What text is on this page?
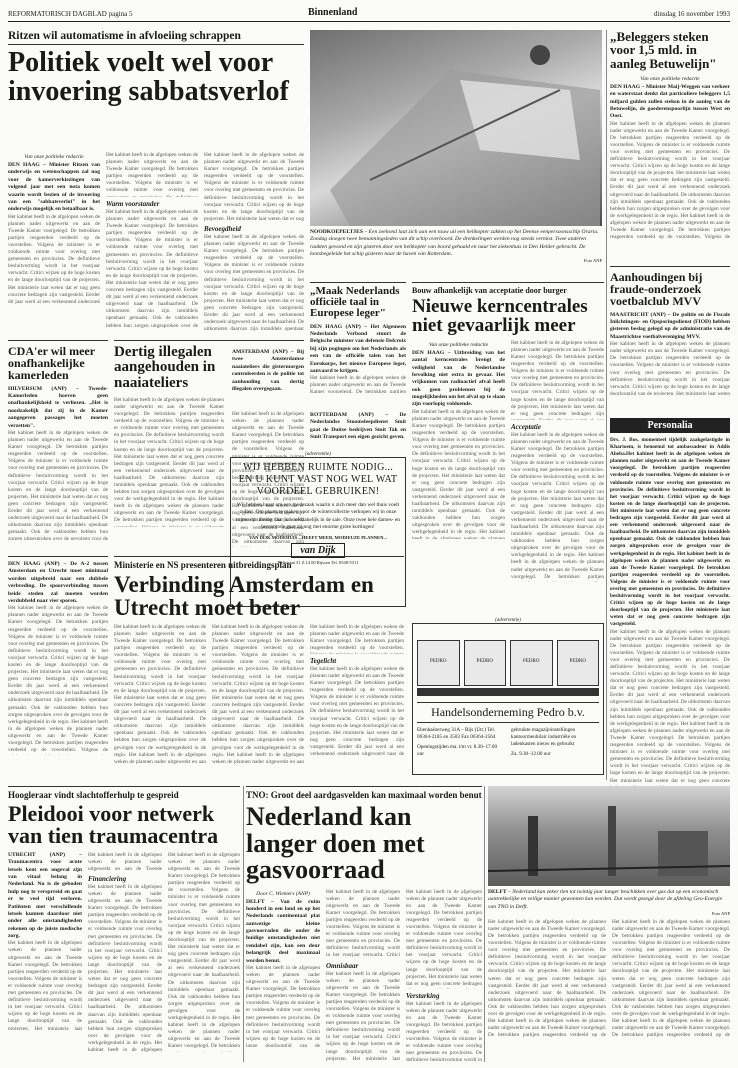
REFORMATORISCH DAGBLAD pagina 5	Binnenland	dinsdag 16 november 1993
Ritzen wil automatisme in afvloeiing schrappen
Politiek voelt wel voor invoering sabbatsverlof
Van onze politieke redactie
DEN HAAG – Minister Ritzen van onderwijs en wetenschappen zal nog voor de kamerverkiezingen van volgend jaar met een nota komen waarin wordt bezien of de invoering van een "sabbatsverlof" in het onderwijs mogelijk en betaalbaar is.
Het kabinet heeft in de afgelopen weken de plannen nader uitgewerkt en aan de Tweede Kamer voorgelegd. De betrokken partijen reageerden verdeeld op de voorstellen. Volgens de minister is er voldoende ruimte voor overleg met gemeenten en provincies. De definitieve besluitvorming wordt in het voorjaar verwacht. Critici wijzen op de hoge kosten en de lange doorlooptijd van de projecten. Het ministerie laat weten dat er nog geen concrete bedragen zijn vastgesteld. Eerder dit jaar werd al een verkennend onderzoek uitgevoerd naar de haalbaarheid. De uitkomsten daarvan zijn inmiddels openbaar gemaakt. Ook de vakbonden hebben hun zorgen uitgesproken over de gevolgen voor de werkgelegenheid in de regio. Het kabinet heeft in de afgelopen weken de plannen nader uitgewerkt en aan de Tweede Kamer voorgelegd. De betrokken partijen reageerden verdeeld op de voorstellen. Volgens de minister is er voldoende ruimte voor overleg met gemeenten en provincies. De definitieve besluitvorming wordt in het voorjaar verwacht. Critici wijzen op de hoge kosten en de lange doorlooptijd van de projecten. Het ministerie laat weten dat er nog geen concrete bedragen zijn vastgesteld.
Het kabinet heeft in de afgelopen weken de plannen nader uitgewerkt en aan de Tweede Kamer voorgelegd. De betrokken partijen reageerden verdeeld op de voorstellen. Volgens de minister is er voldoende ruimte voor overleg met gemeenten en provincies. De definitieve besluitvorming wordt in het voorjaar verwacht. Critici wijzen op de hoge kosten en de lange doorlooptijd van de projecten. Het ministerie laat weten dat er nog geen concrete bedragen zijn vastgesteld. Eerder dit jaar werd al een verkennend onderzoek uitgevoerd naar de haalbaarheid. De uitkomsten daarvan zijn inmiddels openbaar gemaakt. Ook de vakbonden hebben hun zorgen uitgesproken over de gevolgen voor de werkgelegenheid in de regio. Het kabinet heeft in de afgelopen weken de plannen nader uitgewerkt en aan de Tweede Kamer voorgelegd. De betrokken partijen reageerden verdeeld op de voorstellen. Volgens de minister is er voldoende ruimte voor overleg met gemeenten en provincies. De definitieve besluitvorming wordt in het voorjaar verwacht. Critici wijzen op de hoge kosten en de lange doorlooptijd van de projecten. Het ministerie laat weten dat er nog geen concrete bedragen zijn vastgesteld.
Warm voorstander
Het kabinet heeft in de afgelopen weken de plannen nader uitgewerkt en aan de Tweede Kamer voorgelegd. De betrokken partijen reageerden verdeeld op de voorstellen. Volgens de minister is er voldoende ruimte voor overleg met gemeenten en provincies. De definitieve besluitvorming wordt in het voorjaar verwacht. Critici wijzen op de hoge kosten en de lange doorlooptijd van de projecten. Het ministerie laat weten dat er nog geen concrete bedragen zijn vastgesteld. Eerder dit jaar werd al een verkennend onderzoek uitgevoerd naar de haalbaarheid. De uitkomsten daarvan zijn inmiddels openbaar gemaakt. Ook de vakbonden hebben hun zorgen uitgesproken over de gevolgen voor de werkgelegenheid in de regio. Het kabinet heeft in de afgelopen weken de plannen nader uitgewerkt en aan de Tweede Kamer voorgelegd. De betrokken partijen reageerden verdeeld op de voorstellen. Volgens de minister is er voldoende ruimte voor overleg met gemeenten en provincies. De definitieve besluitvorming wordt in het voorjaar verwacht. Critici wijzen op de hoge kosten en de lange doorlooptijd van de projecten. Het ministerie laat weten dat er nog geen concrete bedragen zijn vastgesteld.
Het kabinet heeft in de afgelopen weken de plannen nader uitgewerkt en aan de Tweede Kamer voorgelegd. De betrokken partijen reageerden verdeeld op de voorstellen. Volgens de minister is er voldoende ruimte voor overleg met gemeenten en provincies. De definitieve besluitvorming wordt in het voorjaar verwacht. Critici wijzen op de hoge kosten en de lange doorlooptijd van de projecten. Het ministerie laat weten dat er nog geen concrete bedragen zijn vastgesteld. Eerder dit jaar werd al een verkennend onderzoek uitgevoerd naar de haalbaarheid. De uitkomsten daarvan zijn inmiddels openbaar gemaakt. Ook de vakbonden hebben hun zorgen uitgesproken over de gevolgen voor de werkgelegenheid in de regio. Het kabinet heeft in de afgelopen weken de plannen nader uitgewerkt en aan de Tweede Kamer voorgelegd. De betrokken partijen reageerden verdeeld op de voorstellen. Volgens de minister is er voldoende ruimte voor overleg met gemeenten en provincies. De definitieve besluitvorming wordt in het voorjaar verwacht. Critici wijzen op de hoge kosten en de lange doorlooptijd van de projecten. Het ministerie laat weten dat er nog geen concrete bedragen zijn vastgesteld.
Bevoegdheid
Het kabinet heeft in de afgelopen weken de plannen nader uitgewerkt en aan de Tweede Kamer voorgelegd. De betrokken partijen reageerden verdeeld op de voorstellen. Volgens de minister is er voldoende ruimte voor overleg met gemeenten en provincies. De definitieve besluitvorming wordt in het voorjaar verwacht. Critici wijzen op de hoge kosten en de lange doorlooptijd van de projecten. Het ministerie laat weten dat er nog geen concrete bedragen zijn vastgesteld. Eerder dit jaar werd al een verkennend onderzoek uitgevoerd naar de haalbaarheid. De uitkomsten daarvan zijn inmiddels openbaar gemaakt. Ook de vakbonden hebben hun zorgen uitgesproken over de gevolgen voor de werkgelegenheid in de regio. Het kabinet heeft in de afgelopen weken de plannen nader uitgewerkt en aan de Tweede Kamer voorgelegd. De betrokken partijen reageerden verdeeld op de voorstellen. Volgens de minister is er voldoende ruimte voor overleg met gemeenten en provincies. De definitieve besluitvorming wordt in het voorjaar verwacht. Critici wijzen op de hoge kosten en de lange doorlooptijd van de projecten. Het ministerie laat weten dat er nog geen concrete bedragen zijn vastgesteld.	NOODKOEPELTJES – Een zeehond laat zich aan een touw uit een helikopter zakken op het Deense eenpersoonsschip Oraria. Zondag sloegen twee bemanningsleden van dit schip overboord. De drenkelingen werden nog steeds vermist. Twee anderen raakten gewond en zijn gisteren door een helikopter van boord gehaald en naar het ziekenhuis in Den Helder gebracht. De lootsbegeleide het schip gisteren naar de haven van Rotterdam.
Foto ANP
„Beleggers steken voor 1,5 mld. in aanleg Betuwelijn"
Van onze politieke redactie
DEN HAAG – Minister Maij-Weggen van verkeer en waterstaat denkt dat particuliere beleggers 1,5 miljard gulden zullen steken in de aanleg van de Betuwelijn, de goederenspoorlijn tussen West en Oost.
Het kabinet heeft in de afgelopen weken de plannen nader uitgewerkt en aan de Tweede Kamer voorgelegd. De betrokken partijen reageerden verdeeld op de voorstellen. Volgens de minister is er voldoende ruimte voor overleg met gemeenten en provincies. De definitieve besluitvorming wordt in het voorjaar verwacht. Critici wijzen op de hoge kosten en de lange doorlooptijd van de projecten. Het ministerie laat weten dat er nog geen concrete bedragen zijn vastgesteld. Eerder dit jaar werd al een verkennend onderzoek uitgevoerd naar de haalbaarheid. De uitkomsten daarvan zijn inmiddels openbaar gemaakt. Ook de vakbonden hebben hun zorgen uitgesproken over de gevolgen voor de werkgelegenheid in de regio. Het kabinet heeft in de afgelopen weken de plannen nader uitgewerkt en aan de Tweede Kamer voorgelegd. De betrokken partijen reageerden verdeeld op de voorstellen. Volgens de minister is er voldoende ruimte voor overleg met gemeenten en provincies. De definitieve besluitvorming wordt in het voorjaar verwacht. Critici wijzen op de hoge kosten en de lange doorlooptijd van de projecten. Het ministerie laat weten dat er nog geen concrete bedragen zijn vastgesteld.
Aanhoudingen bij fraude-onderzoek voetbalclub MVV
MAASTRICHT (ANP) – De politie en de Fiscale Inlichtingen- en Opsporingsdienst (FIOD) hebben gisteren beslag gelegd op de administratie van de Maastrichtse voetbalvereniging MVV.
Het kabinet heeft in de afgelopen weken de plannen nader uitgewerkt en aan de Tweede Kamer voorgelegd. De betrokken partijen reageerden verdeeld op de voorstellen. Volgens de minister is er voldoende ruimte voor overleg met gemeenten en provincies. De definitieve besluitvorming wordt in het voorjaar verwacht. Critici wijzen op de hoge kosten en de lange doorlooptijd van de projecten. Het ministerie laat weten dat er nog geen concrete bedragen zijn vastgesteld. Eerder dit jaar werd al een verkennend onderzoek uitgevoerd naar de haalbaarheid. De uitkomsten daarvan zijn inmiddels openbaar gemaakt. Ook de vakbonden hebben hun zorgen uitgesproken over de gevolgen voor de werkgelegenheid in de regio. Het kabinet heeft in de afgelopen weken de plannen nader uitgewerkt en aan de Tweede Kamer voorgelegd. De betrokken partijen reageerden verdeeld op de voorstellen. Volgens de minister is er voldoende ruimte voor overleg met gemeenten en provincies. De definitieve besluitvorming wordt in het voorjaar verwacht. Critici wijzen op de hoge kosten en de lange doorlooptijd van de projecten. Het ministerie laat weten dat er nog geen concrete bedragen zijn vastgesteld.
Personalia
Drs. J. Bos, momenteel tijdelijk zaakgelastigde in Khartoem, is benoemd tot ambassadeur in Addis Abeba. Het kabinet heeft in de afgelopen weken de plannen nader uitgewerkt en aan de Tweede Kamer voorgelegd. De betrokken partijen reageerden verdeeld op de voorstellen. Volgens de minister is er voldoende ruimte voor overleg met gemeenten en provincies. De definitieve besluitvorming wordt in het voorjaar verwacht. Critici wijzen op de hoge kosten en de lange doorlooptijd van de projecten. Het ministerie laat weten dat er nog geen concrete bedragen zijn vastgesteld. Eerder dit jaar werd al een verkennend onderzoek uitgevoerd naar de haalbaarheid. De uitkomsten daarvan zijn inmiddels openbaar gemaakt. Ook de vakbonden hebben hun zorgen uitgesproken over de gevolgen voor de werkgelegenheid in de regio. Het kabinet heeft in de afgelopen weken de plannen nader uitgewerkt en aan de Tweede Kamer voorgelegd. De betrokken partijen reageerden verdeeld op de voorstellen. Volgens de minister is er voldoende ruimte voor overleg met gemeenten en provincies. De definitieve besluitvorming wordt in het voorjaar verwacht. Critici wijzen op de hoge kosten en de lange doorlooptijd van de projecten. Het ministerie laat weten dat er nog geen concrete bedragen zijn vastgesteld.
Het kabinet heeft in de afgelopen weken de plannen nader uitgewerkt en aan de Tweede Kamer voorgelegd. De betrokken partijen reageerden verdeeld op de voorstellen. Volgens de minister is er voldoende ruimte voor overleg met gemeenten en provincies. De definitieve besluitvorming wordt in het voorjaar verwacht. Critici wijzen op de hoge kosten en de lange doorlooptijd van de projecten. Het ministerie laat weten dat er nog geen concrete bedragen zijn vastgesteld. Eerder dit jaar werd al een verkennend onderzoek uitgevoerd naar de haalbaarheid. De uitkomsten daarvan zijn inmiddels openbaar gemaakt. Ook de vakbonden hebben hun zorgen uitgesproken over de gevolgen voor de werkgelegenheid in de regio. Het kabinet heeft in de afgelopen weken de plannen nader uitgewerkt en aan de Tweede Kamer voorgelegd. De betrokken partijen reageerden verdeeld op de voorstellen. Volgens de minister is er voldoende ruimte voor overleg met gemeenten en provincies. De definitieve besluitvorming wordt in het voorjaar verwacht. Critici wijzen op de hoge kosten en de lange doorlooptijd van de projecten. Het ministerie laat weten dat er nog geen concrete bedragen zijn vastgesteld.
CDA'er wil meer onafhankelijke kamerleden
HILVERSUM (ANP) – Tweede-Kamerleden hoeven geen onafhankelijkheid te verliezen. „Het is noodzakelijk dat zij in de Kamer aangegeven passages het moeten verzetten".
Het kabinet heeft in de afgelopen weken de plannen nader uitgewerkt en aan de Tweede Kamer voorgelegd. De betrokken partijen reageerden verdeeld op de voorstellen. Volgens de minister is er voldoende ruimte voor overleg met gemeenten en provincies. De definitieve besluitvorming wordt in het voorjaar verwacht. Critici wijzen op de hoge kosten en de lange doorlooptijd van de projecten. Het ministerie laat weten dat er nog geen concrete bedragen zijn vastgesteld. Eerder dit jaar werd al een verkennend onderzoek uitgevoerd naar de haalbaarheid. De uitkomsten daarvan zijn inmiddels openbaar gemaakt. Ook de vakbonden hebben hun zorgen uitgesproken over de gevolgen voor de werkgelegenheid in de regio. Het kabinet heeft in de afgelopen weken de plannen nader uitgewerkt en aan de Tweede Kamer voorgelegd. De betrokken partijen reageerden verdeeld op de voorstellen. Volgens de minister is er voldoende ruimte voor overleg met gemeenten en provincies. De definitieve besluitvorming wordt in het voorjaar verwacht. Critici wijzen op de hoge kosten en de lange doorlooptijd van de projecten. Het ministerie laat weten dat er nog geen concrete bedragen zijn vastgesteld.
Dertig illegalen aangehouden in naaiateliers
AMSTERDAM (ANP) – Bij twee Amsterdamse naaiateliers die gistermorgen controleerden is de politie tot aanhouding van dertig illegalen overgegaan.
Het kabinet heeft in de afgelopen weken de plannen nader uitgewerkt en aan de Tweede Kamer voorgelegd. De betrokken partijen reageerden verdeeld op de voorstellen. Volgens de minister is er voldoende ruimte voor overleg met gemeenten en provincies. De definitieve besluitvorming wordt in het voorjaar verwacht. Critici wijzen op de hoge kosten en de lange doorlooptijd van de projecten. Het ministerie laat weten dat er nog geen concrete bedragen zijn vastgesteld. Eerder dit jaar werd al een verkennend onderzoek uitgevoerd naar de haalbaarheid. De uitkomsten daarvan zijn inmiddels openbaar gemaakt. Ook de vakbonden hebben hun zorgen uitgesproken over de gevolgen voor de werkgelegenheid in de regio. Het kabinet heeft in de afgelopen weken de plannen nader uitgewerkt en aan de Tweede Kamer voorgelegd. De betrokken partijen reageerden verdeeld op de voorstellen. Volgens de minister is er voldoende ruimte voor overleg met gemeenten en provincies. De definitieve besluitvorming wordt in het voorjaar verwacht. Critici wijzen op de hoge kosten en de lange doorlooptijd van de projecten. Het ministerie laat weten dat er nog geen concrete bedragen zijn vastgesteld.
Het kabinet heeft in de afgelopen weken de plannen nader uitgewerkt en aan de Tweede Kamer voorgelegd. De betrokken partijen reageerden verdeeld op de voorstellen. Volgens de minister is er voldoende ruimte voor overleg met gemeenten en provincies. De definitieve besluitvorming wordt in het voorjaar verwacht. Critici wijzen op de hoge kosten en de lange doorlooptijd van de projecten. Het ministerie laat weten dat er nog geen concrete bedragen zijn vastgesteld. Eerder dit jaar werd al een verkennend onderzoek uitgevoerd naar de haalbaarheid. De uitkomsten daarvan zijn inmiddels openbaar gemaakt. Ook de vakbonden hebben hun zorgen uitgesproken over de gevolgen voor de werkgelegenheid in de regio. Het kabinet heeft in de afgelopen weken de plannen nader uitgewerkt en aan de Tweede Kamer voorgelegd. De betrokken partijen reageerden verdeeld op de voorstellen. Volgens de minister is er voldoende ruimte voor overleg met gemeenten en provincies. De definitieve besluitvorming wordt in het voorjaar verwacht. Critici wijzen op de hoge kosten en de lange doorlooptijd van de projecten. Het ministerie laat weten dat er nog geen concrete bedragen zijn vastgesteld.
„Maak Nederlands officiële taal in Europese leger"
DEN HAAG (ANP) – Het Algemeen Nederlands Verbond stuurt de Belgische minister van defensie Delcroix bij zijn pogingen om het Nederlands als een van de officiële talen van het Eurokorps, het nieuwe Europese leger, aanvaard te krijgen.
Het kabinet heeft in de afgelopen weken de plannen nader uitgewerkt en aan de Tweede Kamer voorgelegd. De betrokken partijen reageerden verdeeld op de voorstellen. Volgens de minister is er voldoende ruimte voor overleg met gemeenten en provincies. De definitieve besluitvorming wordt in het voorjaar verwacht. Critici wijzen op de hoge kosten en de lange doorlooptijd van de projecten. Het ministerie laat weten dat er nog geen concrete bedragen zijn vastgesteld. Eerder dit jaar werd al een verkennend onderzoek uitgevoerd naar de haalbaarheid. De uitkomsten daarvan zijn inmiddels openbaar gemaakt. Ook de vakbonden hebben hun zorgen uitgesproken over de gevolgen voor de werkgelegenheid in de regio. Het kabinet heeft in de afgelopen weken de plannen nader uitgewerkt en aan de Tweede Kamer voorgelegd. De betrokken partijen reageerden verdeeld op de voorstellen. Volgens de minister is er voldoende ruimte voor overleg met gemeenten en provincies. De definitieve besluitvorming wordt in het voorjaar verwacht. Critici wijzen op de hoge kosten en de lange doorlooptijd van de projecten. Het ministerie laat weten dat er nog geen concrete bedragen zijn vastgesteld.
ROTTERDAM (ANP) – De Nederlandse Stoomsleepdienst Smit gaat de Duitse bedrijven Smit Tak en Smit Transport een eigen gezicht geven.
Bouw afhankelijk van acceptatie door burger
Nieuwe kerncentrales niet gevaarlijk meer
Van onze politieke redactie
DEN HAAG – Uitbreiding van het aantal kerncentrales brengt de veiligheid van de Nederlandse bevolking niet extra in gevaar. Het vrijkomen van radioactief afval heeft ook geen problemen bij de mogelijkheden om het afval op te slaan zijn voorlopig voldoende.
Het kabinet heeft in de afgelopen weken de plannen nader uitgewerkt en aan de Tweede Kamer voorgelegd. De betrokken partijen reageerden verdeeld op de voorstellen. Volgens de minister is er voldoende ruimte voor overleg met gemeenten en provincies. De definitieve besluitvorming wordt in het voorjaar verwacht. Critici wijzen op de hoge kosten en de lange doorlooptijd van de projecten. Het ministerie laat weten dat er nog geen concrete bedragen zijn vastgesteld. Eerder dit jaar werd al een verkennend onderzoek uitgevoerd naar de haalbaarheid. De uitkomsten daarvan zijn inmiddels openbaar gemaakt. Ook de vakbonden hebben hun zorgen uitgesproken over de gevolgen voor de werkgelegenheid in de regio. Het kabinet heeft in de afgelopen weken de plannen nader uitgewerkt en aan de Tweede Kamer voorgelegd. De betrokken partijen reageerden verdeeld op de voorstellen. Volgens de minister is er voldoende ruimte voor overleg met gemeenten en provincies. De definitieve besluitvorming wordt in het voorjaar verwacht. Critici wijzen op de hoge kosten en de lange doorlooptijd van de projecten. Het ministerie laat weten dat er nog geen concrete bedragen zijn vastgesteld.
Het kabinet heeft in de afgelopen weken de plannen nader uitgewerkt en aan de Tweede Kamer voorgelegd. De betrokken partijen reageerden verdeeld op de voorstellen. Volgens de minister is er voldoende ruimte voor overleg met gemeenten en provincies. De definitieve besluitvorming wordt in het voorjaar verwacht. Critici wijzen op de hoge kosten en de lange doorlooptijd van de projecten. Het ministerie laat weten dat er nog geen concrete bedragen zijn vastgesteld. Eerder dit jaar werd al een verkennend onderzoek uitgevoerd naar de haalbaarheid. De uitkomsten daarvan zijn inmiddels openbaar gemaakt. Ook de vakbonden hebben hun zorgen uitgesproken over de gevolgen voor de werkgelegenheid in de regio. Het kabinet heeft in de afgelopen weken de plannen nader uitgewerkt en aan de Tweede Kamer voorgelegd. De betrokken partijen reageerden verdeeld op de voorstellen. Volgens de minister is er voldoende ruimte voor overleg met gemeenten en provincies. De definitieve besluitvorming wordt in het voorjaar verwacht. Critici wijzen op de hoge kosten en de lange doorlooptijd van de projecten. Het ministerie laat weten dat er nog geen concrete bedragen zijn vastgesteld.
Acceptatie
Het kabinet heeft in de afgelopen weken de plannen nader uitgewerkt en aan de Tweede Kamer voorgelegd. De betrokken partijen reageerden verdeeld op de voorstellen. Volgens de minister is er voldoende ruimte voor overleg met gemeenten en provincies. De definitieve besluitvorming wordt in het voorjaar verwacht. Critici wijzen op de hoge kosten en de lange doorlooptijd van de projecten. Het ministerie laat weten dat er nog geen concrete bedragen zijn vastgesteld. Eerder dit jaar werd al een verkennend onderzoek uitgevoerd naar de haalbaarheid. De uitkomsten daarvan zijn inmiddels openbaar gemaakt. Ook de vakbonden hebben hun zorgen uitgesproken over de gevolgen voor de werkgelegenheid in de regio. Het kabinet heeft in de afgelopen weken de plannen nader uitgewerkt en aan de Tweede Kamer voorgelegd. De betrokken partijen reageerden verdeeld op de voorstellen. Volgens de minister is er voldoende ruimte voor overleg met gemeenten en provincies. De definitieve besluitvorming wordt in het voorjaar verwacht. Critici wijzen op de hoge kosten en de lange doorlooptijd van de projecten. Het ministerie laat weten dat er nog geen concrete bedragen zijn vastgesteld.
(advertentie)
WIJ HEBBEN RUIMTE NODIG... EN U KUNT VAST NOG WEL WAT VOORDEEL GEBRUIKEN!
Wij hebben haast om een modezaak waarin u zich meer dan wel thuis voelt zullen. Om plaats te maken voor de wintercollectie verkopen wij in onze ruime opruiming daar is hoofdzakelijk in de sale. Onze twee hele dames- en herenmode gaat zij nog met enorme grote kortingen!
VAN DIJK MODEHUIS ...HEEFT MEER, MODIEUZE PLANNEN...
van Dijk
Beltstraat 31 Z.14 00 Rijssen Tel. 0548-5311
DEN HAAG (ANP) – De A-2 tussen Amsterdam en Utrecht moet minimaal worden uitgebreid naar een dubbele verbreding. De spoorverbinding tussen beide steden zal moeten worden verdubbeld naar vier sporen.
Het kabinet heeft in de afgelopen weken de plannen nader uitgewerkt en aan de Tweede Kamer voorgelegd. De betrokken partijen reageerden verdeeld op de voorstellen. Volgens de minister is er voldoende ruimte voor overleg met gemeenten en provincies. De definitieve besluitvorming wordt in het voorjaar verwacht. Critici wijzen op de hoge kosten en de lange doorlooptijd van de projecten. Het ministerie laat weten dat er nog geen concrete bedragen zijn vastgesteld. Eerder dit jaar werd al een verkennend onderzoek uitgevoerd naar de haalbaarheid. De uitkomsten daarvan zijn inmiddels openbaar gemaakt. Ook de vakbonden hebben hun zorgen uitgesproken over de gevolgen voor de werkgelegenheid in de regio. Het kabinet heeft in de afgelopen weken de plannen nader uitgewerkt en aan de Tweede Kamer voorgelegd. De betrokken partijen reageerden verdeeld op de voorstellen. Volgens de minister is er voldoende ruimte voor overleg met gemeenten en provincies. De definitieve besluitvorming wordt in het voorjaar verwacht. Critici wijzen op de hoge kosten en de lange doorlooptijd van de projecten. Het ministerie laat weten dat er nog geen concrete bedragen zijn vastgesteld.
Ministerie en NS presenteren uitbreidingsplan
Verbinding Amsterdam en Utrecht moet beter
Het kabinet heeft in de afgelopen weken de plannen nader uitgewerkt en aan de Tweede Kamer voorgelegd. De betrokken partijen reageerden verdeeld op de voorstellen. Volgens de minister is er voldoende ruimte voor overleg met gemeenten en provincies. De definitieve besluitvorming wordt in het voorjaar verwacht. Critici wijzen op de hoge kosten en de lange doorlooptijd van de projecten. Het ministerie laat weten dat er nog geen concrete bedragen zijn vastgesteld. Eerder dit jaar werd al een verkennend onderzoek uitgevoerd naar de haalbaarheid. De uitkomsten daarvan zijn inmiddels openbaar gemaakt. Ook de vakbonden hebben hun zorgen uitgesproken over de gevolgen voor de werkgelegenheid in de regio. Het kabinet heeft in de afgelopen weken de plannen nader uitgewerkt en aan de Tweede Kamer voorgelegd. De betrokken partijen reageerden verdeeld op de voorstellen. Volgens de minister is er voldoende ruimte voor overleg met gemeenten en provincies. De definitieve besluitvorming wordt in het voorjaar verwacht. Critici wijzen op de hoge kosten en de lange doorlooptijd van de projecten. Het ministerie laat weten dat er nog geen concrete bedragen zijn vastgesteld.
Het kabinet heeft in de afgelopen weken de plannen nader uitgewerkt en aan de Tweede Kamer voorgelegd. De betrokken partijen reageerden verdeeld op de voorstellen. Volgens de minister is er voldoende ruimte voor overleg met gemeenten en provincies. De definitieve besluitvorming wordt in het voorjaar verwacht. Critici wijzen op de hoge kosten en de lange doorlooptijd van de projecten. Het ministerie laat weten dat er nog geen concrete bedragen zijn vastgesteld. Eerder dit jaar werd al een verkennend onderzoek uitgevoerd naar de haalbaarheid. De uitkomsten daarvan zijn inmiddels openbaar gemaakt. Ook de vakbonden hebben hun zorgen uitgesproken over de gevolgen voor de werkgelegenheid in de regio. Het kabinet heeft in de afgelopen weken de plannen nader uitgewerkt en aan de Tweede Kamer voorgelegd. De betrokken partijen reageerden verdeeld op de voorstellen. Volgens de minister is er voldoende ruimte voor overleg met gemeenten en provincies. De definitieve besluitvorming wordt in het voorjaar verwacht. Critici wijzen op de hoge kosten en de lange doorlooptijd van de projecten. Het ministerie laat weten dat er nog geen concrete bedragen zijn vastgesteld.
Het kabinet heeft in de afgelopen weken de plannen nader uitgewerkt en aan de Tweede Kamer voorgelegd. De betrokken partijen reageerden verdeeld op de voorstellen. Volgens de minister is er voldoende ruimte voor overleg met gemeenten en provincies. De definitieve besluitvorming wordt in het voorjaar verwacht. Critici wijzen op de hoge kosten en de lange doorlooptijd van de projecten. Het ministerie laat weten dat er nog geen concrete bedragen zijn vastgesteld. Eerder dit jaar werd al een verkennend onderzoek uitgevoerd naar de haalbaarheid. De uitkomsten daarvan zijn inmiddels openbaar gemaakt. Ook de vakbonden hebben hun zorgen uitgesproken over de gevolgen voor de werkgelegenheid in de regio. Het kabinet heeft in de afgelopen weken de plannen nader uitgewerkt en aan de Tweede Kamer voorgelegd. De betrokken partijen reageerden verdeeld op de voorstellen. Volgens de minister is er voldoende ruimte voor overleg met gemeenten en provincies. De definitieve besluitvorming wordt in het voorjaar verwacht. Critici wijzen op de hoge kosten en de lange doorlooptijd van de projecten. Het ministerie laat weten dat er nog geen concrete bedragen zijn vastgesteld.
Tegelicht
Het kabinet heeft in de afgelopen weken de plannen nader uitgewerkt en aan de Tweede Kamer voorgelegd. De betrokken partijen reageerden verdeeld op de voorstellen. Volgens de minister is er voldoende ruimte voor overleg met gemeenten en provincies. De definitieve besluitvorming wordt in het voorjaar verwacht. Critici wijzen op de hoge kosten en de lange doorlooptijd van de projecten. Het ministerie laat weten dat er nog geen concrete bedragen zijn vastgesteld. Eerder dit jaar werd al een verkennend onderzoek uitgevoerd naar de haalbaarheid. De uitkomsten daarvan zijn inmiddels openbaar gemaakt. Ook de vakbonden hebben hun zorgen uitgesproken over de gevolgen voor de werkgelegenheid in de regio. Het kabinet heeft in de afgelopen weken de plannen nader uitgewerkt en aan de Tweede Kamer voorgelegd. De betrokken partijen reageerden verdeeld op de voorstellen. Volgens de minister is er voldoende ruimte voor overleg met gemeenten en provincies. De definitieve besluitvorming wordt in het voorjaar verwacht. Critici wijzen op de hoge kosten en de lange doorlooptijd van de projecten. Het ministerie laat weten dat er nog geen concrete bedragen zijn vastgesteld.
(advertentie)
PEDRO	PEDRO	PEDRO	PEDRO
Handelsonderneming Pedro b.v.
Ebenhaëzerweg 31A – Rijs (Utr.) Tel. 06364-2185 en 3503 Fax 06364-2564
Openingstijden ma. t/m vr. 8.30–17.00 uur
gebruikte magazijninstellingen kantoormeubilair industriële en ladenkasten nieuw en gebruikt
Za. 9.30–12.00 uur
Hoogleraar vindt slachtofferhulp te gespreid
Pleidooi voor netwerk van tien traumacentra
UTRECHT (ANP) – Traumacentra voor acute letsels kent een ongeval zijn van vitaal belang in Nederland. Nu is de geboden hulp nog te versprreid en gaat er te veel tijd verloren. Patiënten met verschillende letsels kunnen daardoor niet onder alle omstandigheden rekenen op de juiste medische zorg.
Het kabinet heeft in de afgelopen weken de plannen nader uitgewerkt en aan de Tweede Kamer voorgelegd. De betrokken partijen reageerden verdeeld op de voorstellen. Volgens de minister is er voldoende ruimte voor overleg met gemeenten en provincies. De definitieve besluitvorming wordt in het voorjaar verwacht. Critici wijzen op de hoge kosten en de lange doorlooptijd van de projecten. Het ministerie laat weten dat er nog geen concrete bedragen zijn vastgesteld. Eerder dit jaar werd al een verkennend onderzoek uitgevoerd naar de haalbaarheid. De uitkomsten daarvan zijn inmiddels openbaar gemaakt. Ook de vakbonden hebben hun zorgen uitgesproken over de gevolgen voor de werkgelegenheid in de regio. Het kabinet heeft in de afgelopen weken de plannen nader uitgewerkt en aan de Tweede Kamer voorgelegd. De betrokken partijen reageerden verdeeld op de voorstellen. Volgens de minister is er voldoende ruimte voor overleg met gemeenten en provincies. De definitieve besluitvorming wordt in het voorjaar verwacht. Critici wijzen op de hoge kosten en de lange doorlooptijd van de projecten. Het ministerie laat weten dat er nog geen concrete bedragen zijn vastgesteld.
Het kabinet heeft in de afgelopen weken de plannen nader uitgewerkt en aan de Tweede Kamer voorgelegd. De betrokken partijen reageerden verdeeld op de voorstellen. Volgens de minister is er voldoende ruimte voor overleg met gemeenten en provincies. De definitieve besluitvorming wordt in het voorjaar verwacht. Critici wijzen op de hoge kosten en de lange doorlooptijd van de projecten. Het ministerie laat weten dat er nog geen concrete bedragen zijn vastgesteld. Eerder dit jaar werd al een verkennend onderzoek uitgevoerd naar de haalbaarheid. De uitkomsten daarvan zijn inmiddels openbaar gemaakt. Ook de vakbonden hebben hun zorgen uitgesproken over de gevolgen voor de werkgelegenheid in de regio. Het kabinet heeft in de afgelopen weken de plannen nader uitgewerkt en aan de Tweede Kamer voorgelegd. De betrokken partijen reageerden verdeeld op de voorstellen. Volgens de minister is er voldoende ruimte voor overleg met gemeenten en provincies. De definitieve besluitvorming wordt in het voorjaar verwacht. Critici wijzen op de hoge kosten en de lange doorlooptijd van de projecten. Het ministerie laat weten dat er nog geen concrete bedragen zijn vastgesteld.
Financiering
Het kabinet heeft in de afgelopen weken de plannen nader uitgewerkt en aan de Tweede Kamer voorgelegd. De betrokken partijen reageerden verdeeld op de voorstellen. Volgens de minister is er voldoende ruimte voor overleg met gemeenten en provincies. De definitieve besluitvorming wordt in het voorjaar verwacht. Critici wijzen op de hoge kosten en de lange doorlooptijd van de projecten. Het ministerie laat weten dat er nog geen concrete bedragen zijn vastgesteld. Eerder dit jaar werd al een verkennend onderzoek uitgevoerd naar de haalbaarheid. De uitkomsten daarvan zijn inmiddels openbaar gemaakt. Ook de vakbonden hebben hun zorgen uitgesproken over de gevolgen voor de werkgelegenheid in de regio. Het kabinet heeft in de afgelopen weken de plannen nader uitgewerkt en aan de Tweede Kamer voorgelegd. De betrokken partijen reageerden verdeeld op de voorstellen. Volgens de minister is er voldoende ruimte voor overleg met gemeenten en provincies. De definitieve besluitvorming wordt in het voorjaar verwacht. Critici wijzen op de hoge kosten en de lange doorlooptijd van de projecten. Het ministerie laat weten dat er nog geen concrete bedragen zijn vastgesteld.
Het kabinet heeft in de afgelopen weken de plannen nader uitgewerkt en aan de Tweede Kamer voorgelegd. De betrokken partijen reageerden verdeeld op de voorstellen. Volgens de minister is er voldoende ruimte voor overleg met gemeenten en provincies. De definitieve besluitvorming wordt in het voorjaar verwacht. Critici wijzen op de hoge kosten en de lange doorlooptijd van de projecten. Het ministerie laat weten dat er nog geen concrete bedragen zijn vastgesteld. Eerder dit jaar werd al een verkennend onderzoek uitgevoerd naar de haalbaarheid. De uitkomsten daarvan zijn inmiddels openbaar gemaakt. Ook de vakbonden hebben hun zorgen uitgesproken over de gevolgen voor de werkgelegenheid in de regio. Het kabinet heeft in de afgelopen weken de plannen nader uitgewerkt en aan de Tweede Kamer voorgelegd. De betrokken partijen reageerden verdeeld op de voorstellen. Volgens de minister is er voldoende ruimte voor overleg met gemeenten en provincies. De definitieve besluitvorming wordt in het voorjaar verwacht. Critici wijzen op de hoge kosten en de lange doorlooptijd van de projecten. Het ministerie laat weten dat er nog geen concrete bedragen zijn vastgesteld.
TNO: Groot deel aardgasvelden kan maximaal worden benut
Nederland kan langer doen met gasvoorraad
Door C. Wiemers (ANP)
DELFT – Van de ruim honderd in een land en op het Nederlands continentaal plat aanwezige kleine gasvoorraden die onder de huidige omstandigheden niet rendabel zijn, kan een deur belangrijk deel maximaal worden benut.
Het kabinet heeft in de afgelopen weken de plannen nader uitgewerkt en aan de Tweede Kamer voorgelegd. De betrokken partijen reageerden verdeeld op de voorstellen. Volgens de minister is er voldoende ruimte voor overleg met gemeenten en provincies. De definitieve besluitvorming wordt in het voorjaar verwacht. Critici wijzen op de hoge kosten en de lange doorlooptijd van de projecten. Het ministerie laat weten dat er nog geen concrete bedragen zijn vastgesteld. Eerder dit jaar werd al een verkennend onderzoek uitgevoerd naar de haalbaarheid. De uitkomsten daarvan zijn inmiddels openbaar gemaakt. Ook de vakbonden hebben hun zorgen uitgesproken over de gevolgen voor de werkgelegenheid in de regio. Het kabinet heeft in de afgelopen weken de plannen nader uitgewerkt en aan de Tweede Kamer voorgelegd. De betrokken partijen reageerden verdeeld op de voorstellen. Volgens de minister is er voldoende ruimte voor overleg met gemeenten en provincies. De definitieve besluitvorming wordt in het voorjaar verwacht. Critici wijzen op de hoge kosten en de lange doorlooptijd van de projecten. Het ministerie laat weten dat er nog geen concrete bedragen zijn vastgesteld.
Het kabinet heeft in de afgelopen weken de plannen nader uitgewerkt en aan de Tweede Kamer voorgelegd. De betrokken partijen reageerden verdeeld op de voorstellen. Volgens de minister is er voldoende ruimte voor overleg met gemeenten en provincies. De definitieve besluitvorming wordt in het voorjaar verwacht. Critici wijzen op de hoge kosten en de lange doorlooptijd van de projecten. Het ministerie laat weten dat er nog geen concrete bedragen zijn vastgesteld. Eerder dit jaar werd al een verkennend onderzoek uitgevoerd naar de haalbaarheid. De uitkomsten daarvan zijn inmiddels openbaar gemaakt. Ook de vakbonden hebben hun zorgen uitgesproken over de gevolgen voor de werkgelegenheid in de regio. Het kabinet heeft in de afgelopen weken de plannen nader uitgewerkt en aan de Tweede Kamer voorgelegd. De betrokken partijen reageerden verdeeld op de voorstellen. Volgens de minister is er voldoende ruimte voor overleg met gemeenten en provincies. De definitieve besluitvorming wordt in het voorjaar verwacht. Critici wijzen op de hoge kosten en de lange doorlooptijd van de projecten. Het ministerie laat weten dat er nog geen concrete bedragen zijn vastgesteld.
Omnisbaar
Het kabinet heeft in de afgelopen weken de plannen nader uitgewerkt en aan de Tweede Kamer voorgelegd. De betrokken partijen reageerden verdeeld op de voorstellen. Volgens de minister is er voldoende ruimte voor overleg met gemeenten en provincies. De definitieve besluitvorming wordt in het voorjaar verwacht. Critici wijzen op de hoge kosten en de lange doorlooptijd van de projecten. Het ministerie laat weten dat er nog geen concrete bedragen zijn vastgesteld. Eerder dit jaar werd al een verkennend onderzoek uitgevoerd naar de haalbaarheid. De uitkomsten daarvan zijn inmiddels openbaar gemaakt. Ook de vakbonden hebben hun zorgen uitgesproken over de gevolgen voor de werkgelegenheid in de regio. Het kabinet heeft in de afgelopen weken de plannen nader uitgewerkt en aan de Tweede Kamer voorgelegd. De betrokken partijen reageerden verdeeld op de voorstellen. Volgens de minister is er voldoende ruimte voor overleg met gemeenten en provincies. De definitieve besluitvorming wordt in het voorjaar verwacht. Critici wijzen op de hoge kosten en de lange doorlooptijd van de projecten. Het ministerie laat weten dat er nog geen concrete bedragen zijn vastgesteld.
Het kabinet heeft in de afgelopen weken de plannen nader uitgewerkt en aan de Tweede Kamer voorgelegd. De betrokken partijen reageerden verdeeld op de voorstellen. Volgens de minister is er voldoende ruimte voor overleg met gemeenten en provincies. De definitieve besluitvorming wordt in het voorjaar verwacht. Critici wijzen op de hoge kosten en de lange doorlooptijd van de projecten. Het ministerie laat weten dat er nog geen concrete bedragen zijn vastgesteld. Eerder dit jaar werd al een verkennend onderzoek uitgevoerd naar de haalbaarheid. De uitkomsten daarvan zijn inmiddels openbaar gemaakt. Ook de vakbonden hebben hun zorgen uitgesproken over de gevolgen voor de werkgelegenheid in de regio. Het kabinet heeft in de afgelopen weken de plannen nader uitgewerkt en aan de Tweede Kamer voorgelegd. De betrokken partijen reageerden verdeeld op de voorstellen. Volgens de minister is er voldoende ruimte voor overleg met gemeenten en provincies. De definitieve besluitvorming wordt in het voorjaar verwacht. Critici wijzen op de hoge kosten en de lange doorlooptijd van de projecten. Het ministerie laat weten dat er nog geen concrete bedragen zijn vastgesteld.
Verstarking
Het kabinet heeft in de afgelopen weken de plannen nader uitgewerkt en aan de Tweede Kamer voorgelegd. De betrokken partijen reageerden verdeeld op de voorstellen. Volgens de minister is er voldoende ruimte voor overleg met gemeenten en provincies. De definitieve besluitvorming wordt in het voorjaar verwacht. Critici wijzen op de hoge kosten en de lange doorlooptijd van de projecten. Het ministerie laat weten dat er nog geen concrete bedragen zijn vastgesteld. Eerder dit jaar werd al een verkennend onderzoek uitgevoerd naar de haalbaarheid. De uitkomsten daarvan zijn inmiddels openbaar gemaakt. Ook de vakbonden hebben hun zorgen uitgesproken over de gevolgen voor de werkgelegenheid in de regio. Het kabinet heeft in de afgelopen weken de plannen nader uitgewerkt en aan de Tweede Kamer voorgelegd. De betrokken partijen reageerden verdeeld op de voorstellen. Volgens de minister is er voldoende ruimte voor overleg met gemeenten en provincies. De definitieve besluitvorming wordt in het voorjaar verwacht. Critici wijzen op de hoge kosten en de lange doorlooptijd van de projecten. Het ministerie laat weten dat er nog geen concrete bedragen zijn vastgesteld.
DELFT – Nederland kan zeker tien tot twintig jaar langer beschikken over gas dat op een economisch aantrekkelijke en veilige manier gewonnen kan worden. Dat wordt gezegd door de afdeling Geo-Energie van TNO in Delft.
Foto ANP
Het kabinet heeft in de afgelopen weken de plannen nader uitgewerkt en aan de Tweede Kamer voorgelegd. De betrokken partijen reageerden verdeeld op de voorstellen. Volgens de minister is er voldoende ruimte voor overleg met gemeenten en provincies. De definitieve besluitvorming wordt in het voorjaar verwacht. Critici wijzen op de hoge kosten en de lange doorlooptijd van de projecten. Het ministerie laat weten dat er nog geen concrete bedragen zijn vastgesteld. Eerder dit jaar werd al een verkennend onderzoek uitgevoerd naar de haalbaarheid. De uitkomsten daarvan zijn inmiddels openbaar gemaakt. Ook de vakbonden hebben hun zorgen uitgesproken over de gevolgen voor de werkgelegenheid in de regio. Het kabinet heeft in de afgelopen weken de plannen nader uitgewerkt en aan de Tweede Kamer voorgelegd. De betrokken partijen reageerden verdeeld op de voorstellen. Volgens de minister is er voldoende ruimte voor overleg met gemeenten en provincies. De definitieve besluitvorming wordt in het voorjaar verwacht. Critici wijzen op de hoge kosten en de lange doorlooptijd van de projecten. Het ministerie laat weten dat er nog geen concrete bedragen zijn vastgesteld.
Het kabinet heeft in de afgelopen weken de plannen nader uitgewerkt en aan de Tweede Kamer voorgelegd. De betrokken partijen reageerden verdeeld op de voorstellen. Volgens de minister is er voldoende ruimte voor overleg met gemeenten en provincies. De definitieve besluitvorming wordt in het voorjaar verwacht. Critici wijzen op de hoge kosten en de lange doorlooptijd van de projecten. Het ministerie laat weten dat er nog geen concrete bedragen zijn vastgesteld. Eerder dit jaar werd al een verkennend onderzoek uitgevoerd naar de haalbaarheid. De uitkomsten daarvan zijn inmiddels openbaar gemaakt. Ook de vakbonden hebben hun zorgen uitgesproken over de gevolgen voor de werkgelegenheid in de regio. Het kabinet heeft in de afgelopen weken de plannen nader uitgewerkt en aan de Tweede Kamer voorgelegd. De betrokken partijen reageerden verdeeld op de voorstellen. Volgens de minister is er voldoende ruimte voor overleg met gemeenten en provincies. De definitieve besluitvorming wordt in het voorjaar verwacht. Critici wijzen op de hoge kosten en de lange doorlooptijd van de projecten. Het ministerie laat weten dat er nog geen concrete bedragen zijn vastgesteld.
